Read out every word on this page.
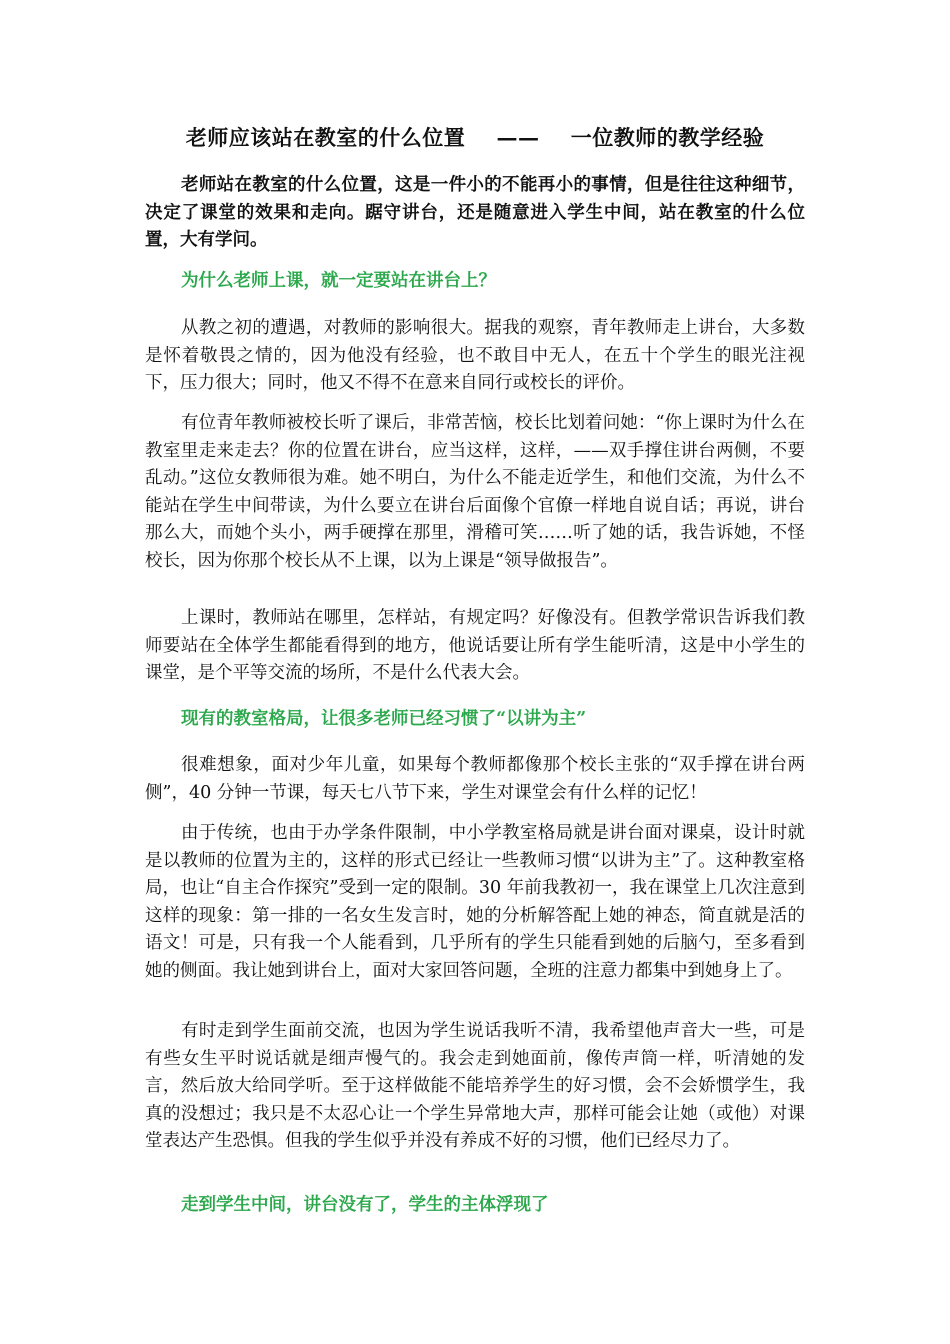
老师应该站在教室的什么位置    ——    一位教师的教学经验

老师站在教室的什么位置，这是一件小的不能再小的事情，但是往往这种细节，决定了课堂的效果和走向。踞守讲台，还是随意进入学生中间，站在教室的什么位置，大有学问。

为什么老师上课，就一定要站在讲台上？

从教之初的遭遇，对教师的影响很大。据我的观察，青年教师走上讲台，大多数是怀着敬畏之情的，因为他没有经验，也不敢目中无人，在五十个学生的眼光注视下，压力很大；同时，他又不得不在意来自同行或校长的评价。

有位青年教师被校长听了课后，非常苦恼，校长比划着问她：“你上课时为什么在教室里走来走去？你的位置在讲台，应当这样，这样，——双手撑住讲台两侧，不要乱动。”这位女教师很为难。她不明白，为什么不能走近学生，和他们交流，为什么不能站在学生中间带读，为什么要立在讲台后面像个官僚一样地自说自话；再说，讲台那么大，而她个头小，两手硬撑在那里，滑稽可笑……听了她的话，我告诉她，不怪校长，因为你那个校长从不上课，以为上课是“领导做报告”。

上课时，教师站在哪里，怎样站，有规定吗？好像没有。但教学常识告诉我们教师要站在全体学生都能看得到的地方，他说话要让所有学生能听清，这是中小学生的课堂，是个平等交流的场所，不是什么代表大会。

现有的教室格局，让很多老师已经习惯了“以讲为主”

很难想象，面对少年儿童，如果每个教师都像那个校长主张的“双手撑在讲台两侧”，40 分钟一节课，每天七八节下来，学生对课堂会有什么样的记忆！

由于传统，也由于办学条件限制，中小学教室格局就是讲台面对课桌，设计时就是以教师的位置为主的，这样的形式已经让一些教师习惯“以讲为主”了。这种教室格局，也让“自主合作探究”受到一定的限制。30 年前我教初一，我在课堂上几次注意到这样的现象：第一排的一名女生发言时，她的分析解答配上她的神态，简直就是活的语文！可是，只有我一个人能看到，几乎所有的学生只能看到她的后脑勺，至多看到她的侧面。我让她到讲台上，面对大家回答问题，全班的注意力都集中到她身上了。

有时走到学生面前交流，也因为学生说话我听不清，我希望他声音大一些，可是有些女生平时说话就是细声慢气的。我会走到她面前，像传声筒一样，听清她的发言，然后放大给同学听。至于这样做能不能培养学生的好习惯，会不会娇惯学生，我真的没想过；我只是不太忍心让一个学生异常地大声，那样可能会让她（或他）对课堂表达产生恐惧。但我的学生似乎并没有养成不好的习惯，他们已经尽力了。

走到学生中间，讲台没有了，学生的主体浮现了
